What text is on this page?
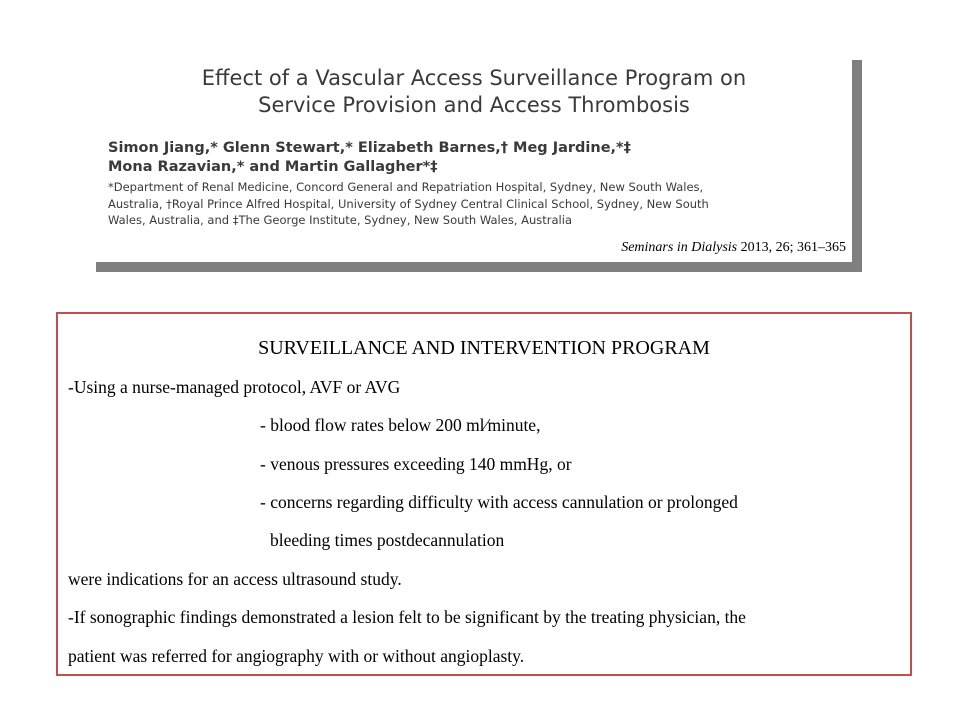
Effect of a Vascular Access Surveillance Program on
Service Provision and Access Thrombosis
Simon Jiang,* Glenn Stewart,* Elizabeth Barnes,† Meg Jardine,*‡
Mona Razavian,* and Martin Gallagher*‡
*Department of Renal Medicine, Concord General and Repatriation Hospital, Sydney, New South Wales,
Australia, †Royal Prince Alfred Hospital, University of Sydney Central Clinical School, Sydney, New South
Wales, Australia, and ‡The George Institute, Sydney, New South Wales, Australia
Seminars in Dialysis 2013, 26; 361–365
SURVEILLANCE AND INTERVENTION PROGRAM
-Using a nurse-managed protocol, AVF or AVG
- blood flow rates below 200 ml⁄minute,
- venous pressures exceeding 140 mmHg, or
- concerns regarding difficulty with access cannulation or prolonged
bleeding times postdecannulation
were indications for an access ultrasound study.
-If sonographic findings demonstrated a lesion felt to be significant by the treating physician, the
patient was referred for angiography with or without angioplasty.
